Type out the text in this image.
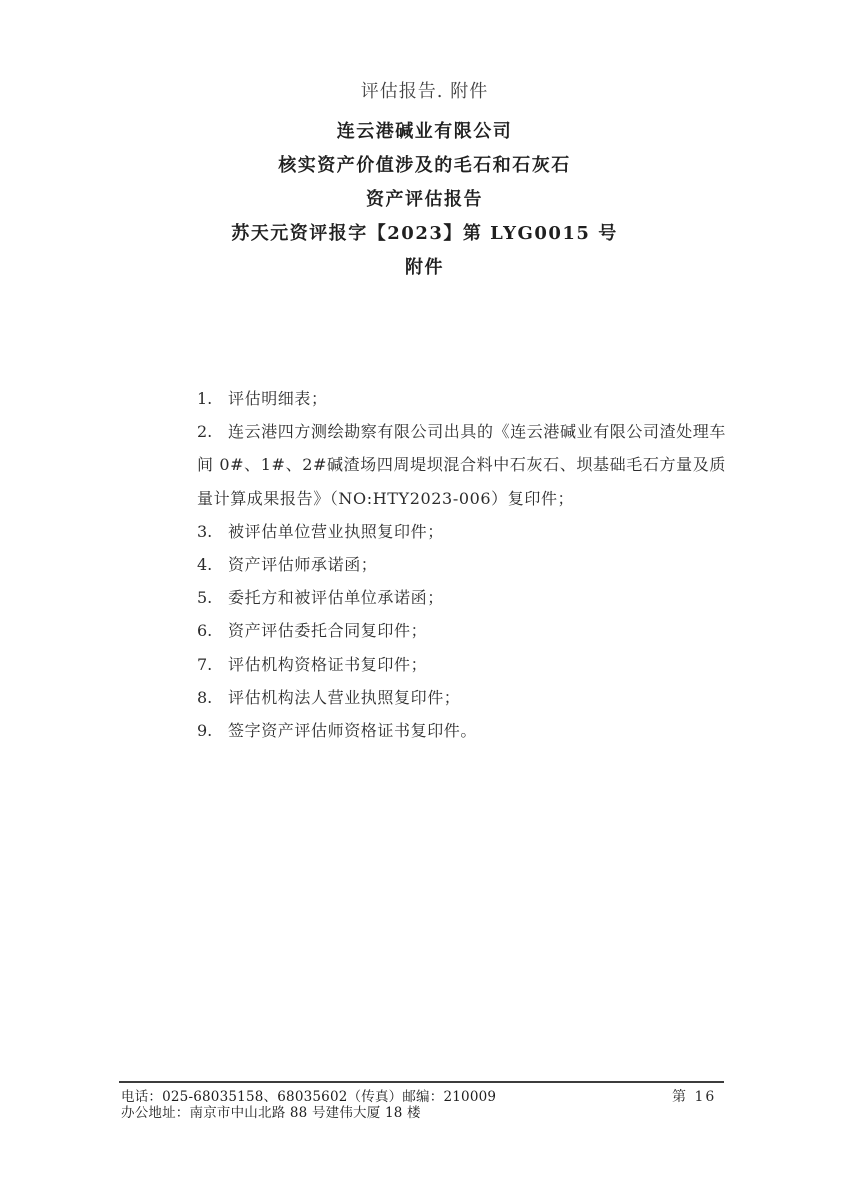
评估报告. 附件
连云港碱业有限公司
核实资产价值涉及的毛石和石灰石
资产评估报告
苏天元资评报字【2023】第 LYG0015 号
附件
1. 评估明细表；
2. 连云港四方测绘勘察有限公司出具的《连云港碱业有限公司渣处理车间 0#、1#、2#碱渣场四周堤坝混合料中石灰石、坝基础毛石方量及质量计算成果报告》（NO:HTY2023-006）复印件；
3. 被评估单位营业执照复印件；
4. 资产评估师承诺函；
5. 委托方和被评估单位承诺函；
6. 资产评估委托合同复印件；
7. 评估机构资格证书复印件；
8. 评估机构法人营业执照复印件；
9. 签字资产评估师资格证书复印件。
电话：025-68035158、68035602（传真）邮编：210009
办公地址：南京市中山北路 88 号建伟大厦 18 楼
第 16
